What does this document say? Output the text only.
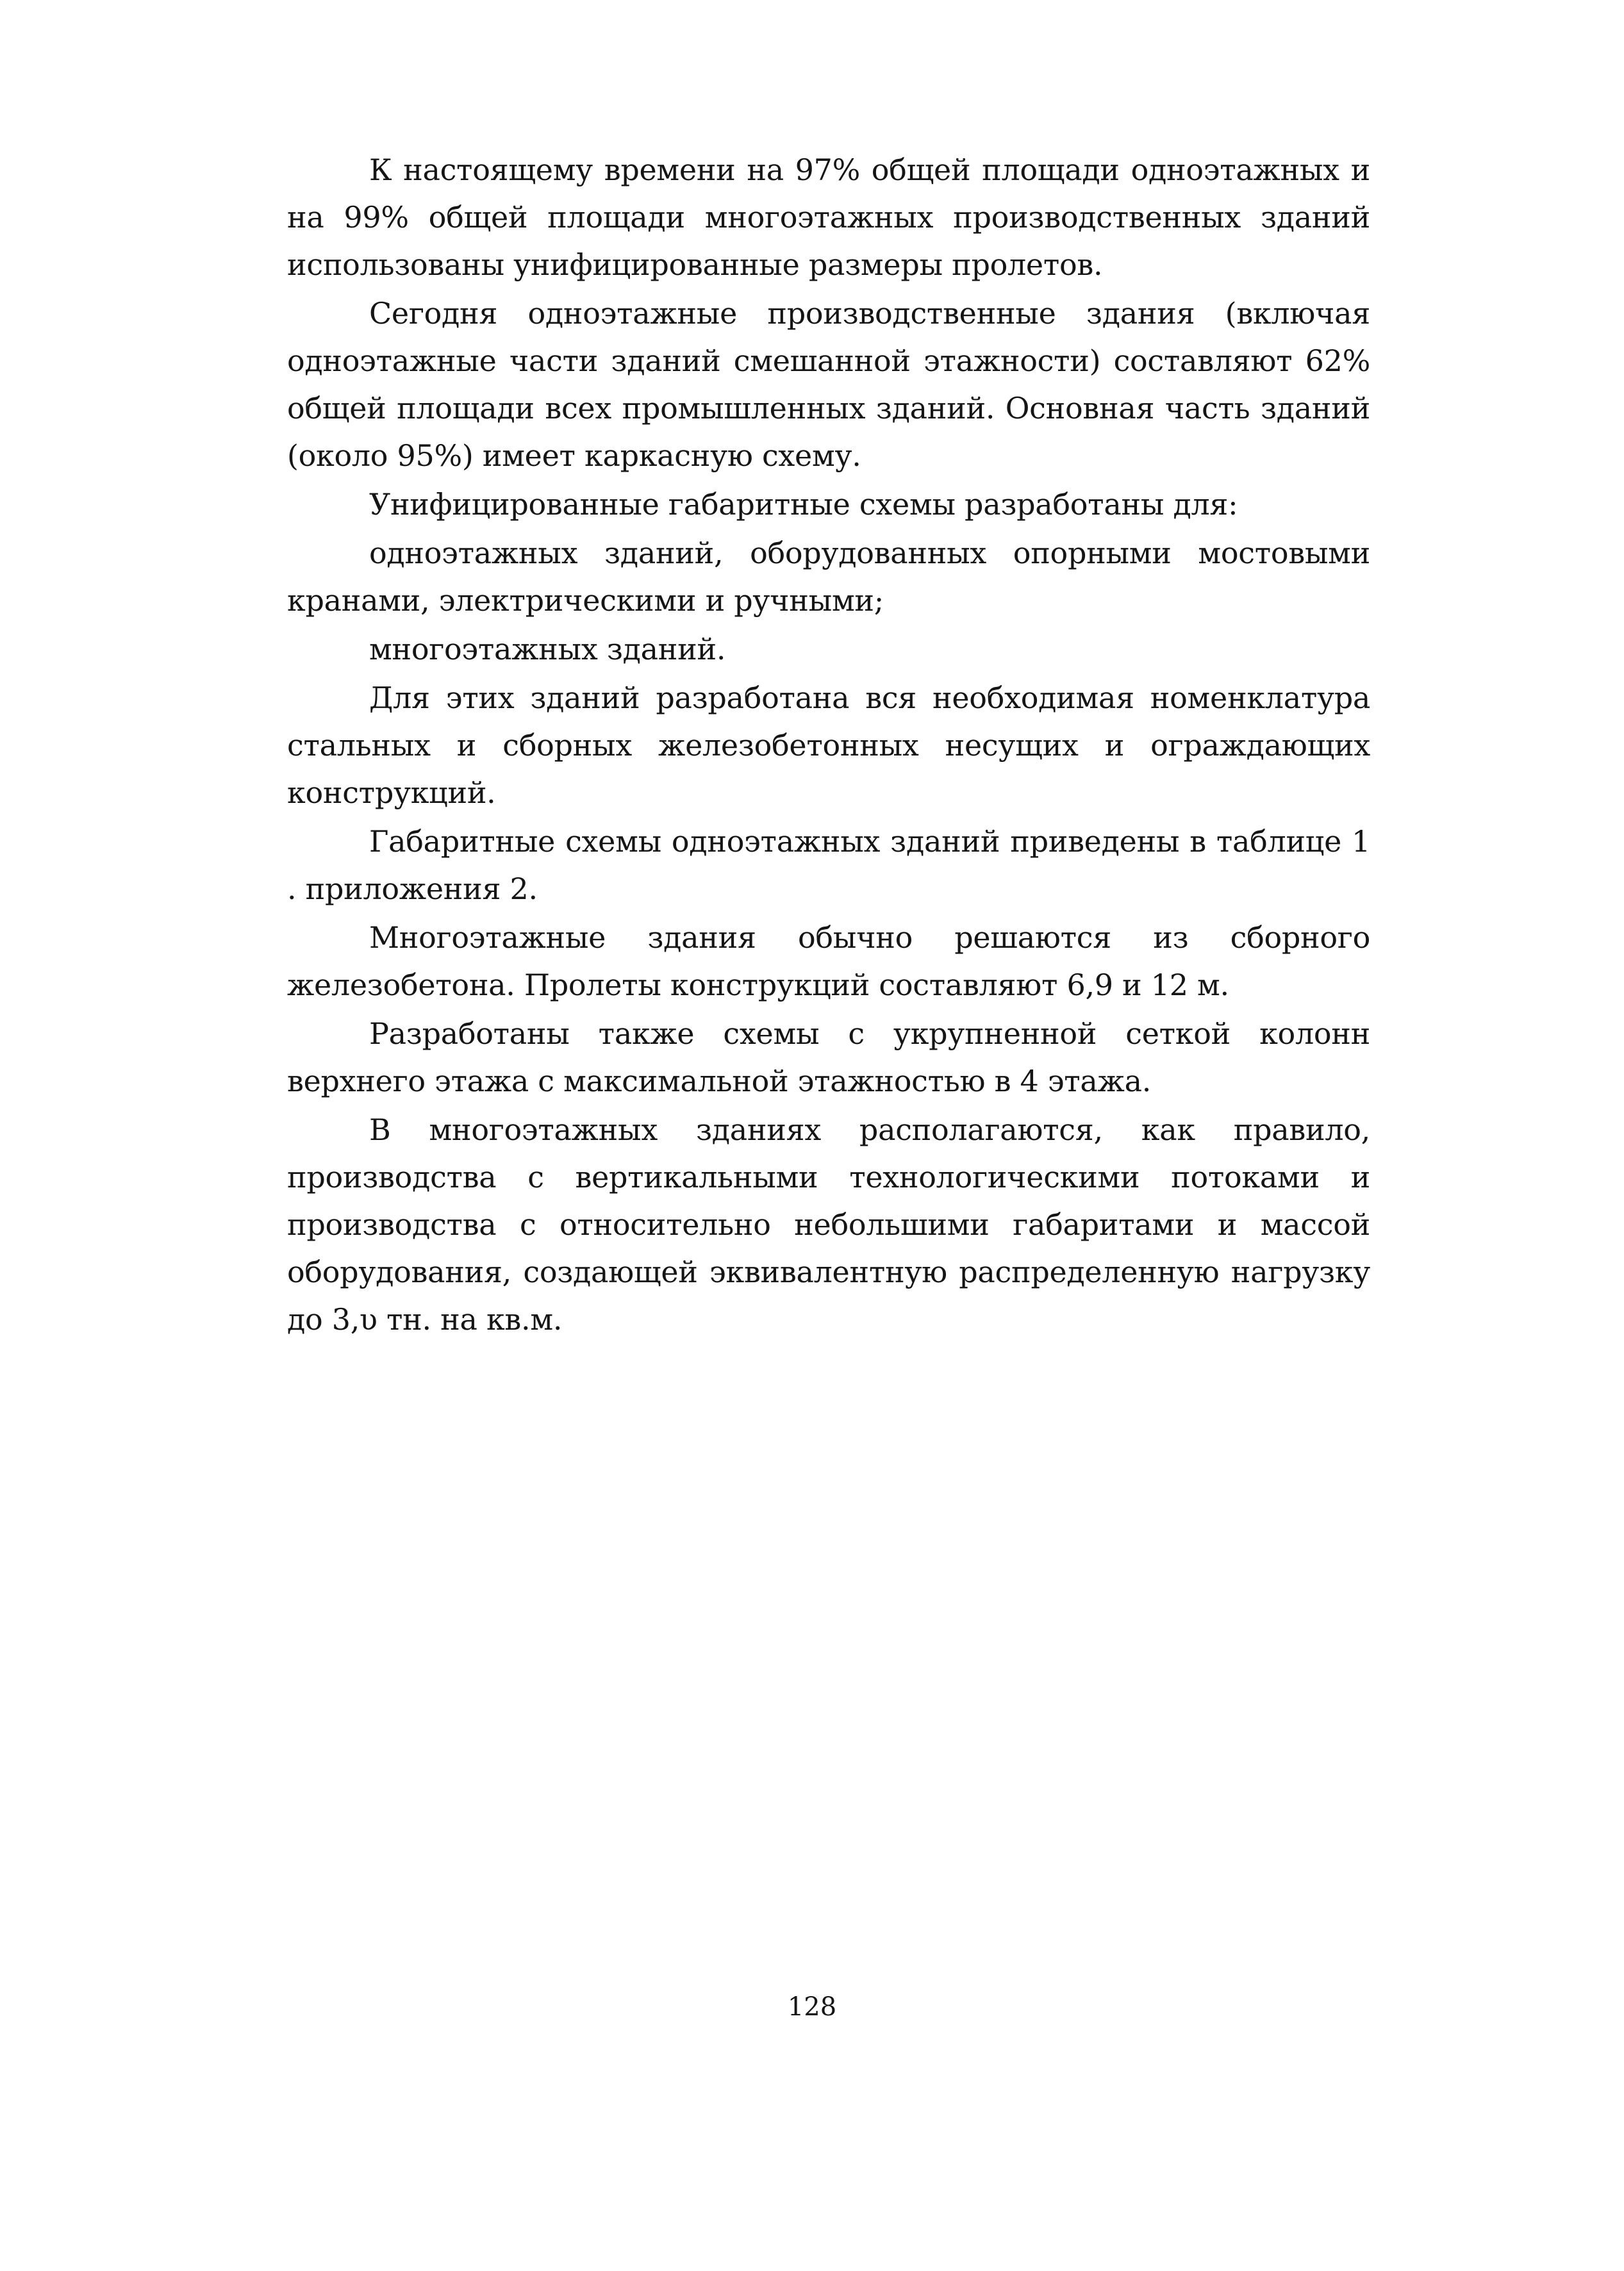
К настоящему времени на 97% общей площади одноэтажных и на 99% общей площади многоэтажных производственных зданий использованы унифицированные размеры пролетов.

Сегодня одноэтажные производственные здания (включая одноэтажные части зданий смешанной этажности) составляют 62% общей площади всех промышленных зданий. Основная часть зданий (около 95%) имеет каркасную схему.

Унифицированные габаритные схемы разработаны для:

одноэтажных зданий, оборудованных опорными мостовыми кранами, электрическими и ручными;

многоэтажных зданий.

Для этих зданий разработана вся необходимая номенклатура стальных и сборных железобетонных несущих и ограждающих конструкций.

Габаритные схемы одноэтажных зданий приведены в таблице 1 . приложения 2.

Многоэтажные здания обычно решаются из сборного железобетона. Пролеты конструкций составляют 6,9 и 12 м.

Разработаны также схемы с укрупненной сеткой колонн верхнего этажа с максимальной этажностью в 4 этажа.

В многоэтажных зданиях располагаются, как правило, производства с вертикальными технологическими потоками и производства с относительно небольшими габаритами и массой оборудования, создающей эквивалентную распределенную нагрузку до 3,υ тн. на кв.м.

128
